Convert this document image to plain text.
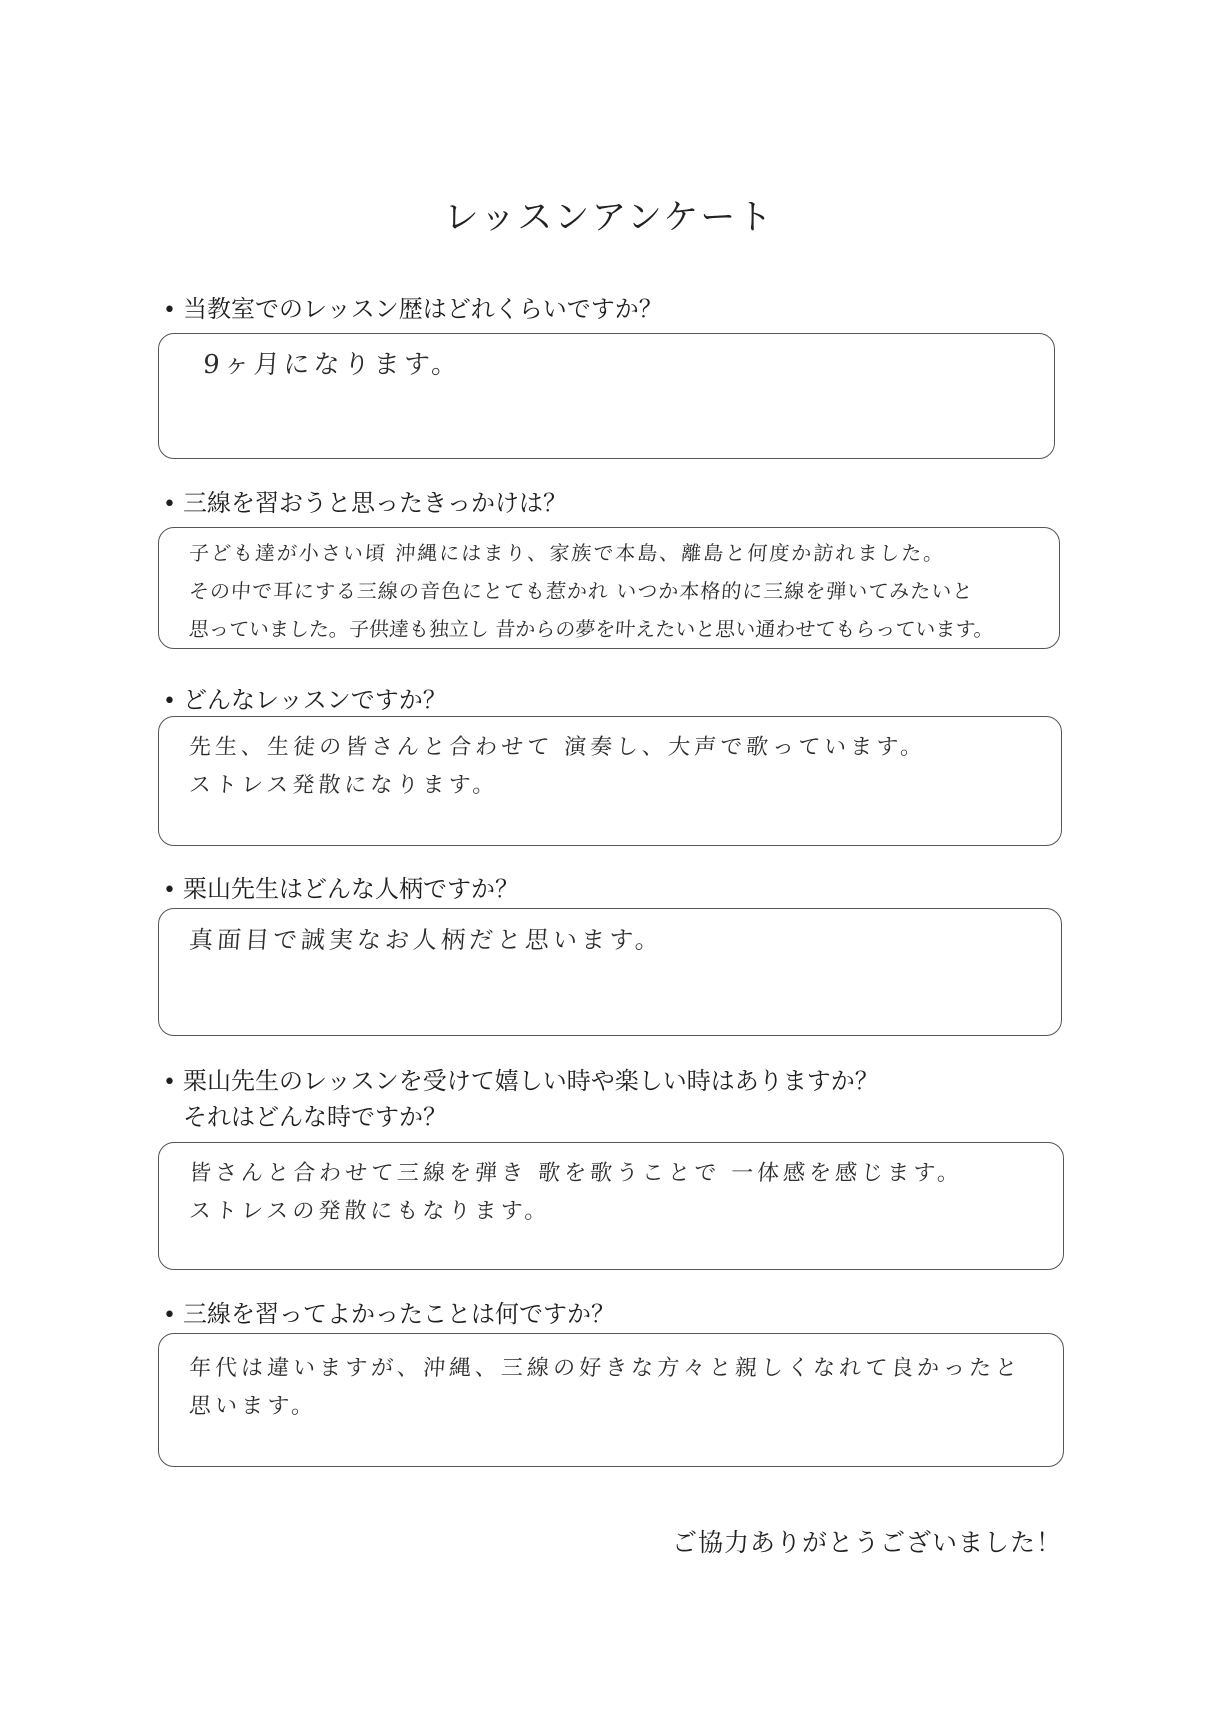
レッスンアンケート
• 当教室でのレッスン歴はどれくらいですか？
9ヶ月になります。
• 三線を習おうと思ったきっかけは？
子ども達が小さい頃 沖縄にはまり、家族で本島、離島と何度か訪れました。
その中で耳にする三線の音色にとても惹かれ いつか本格的に三線を弾いてみたいと
思っていました。子供達も独立し 昔からの夢を叶えたいと思い通わせてもらっています。
• どんなレッスンですか？
先生、生徒の皆さんと合わせて 演奏し、大声で歌っています。
ストレス発散になります。
• 栗山先生はどんな人柄ですか？
真面目で誠実なお人柄だと思います。
• 栗山先生のレッスンを受けて嬉しい時や楽しい時はありますか？
それはどんな時ですか？
皆さんと合わせて三線を弾き 歌を歌うことで 一体感を感じます。
ストレスの発散にもなります。
• 三線を習ってよかったことは何ですか？
年代は違いますが、沖縄、三線の好きな方々と親しくなれて良かったと
思います。
ご協力ありがとうございました！
